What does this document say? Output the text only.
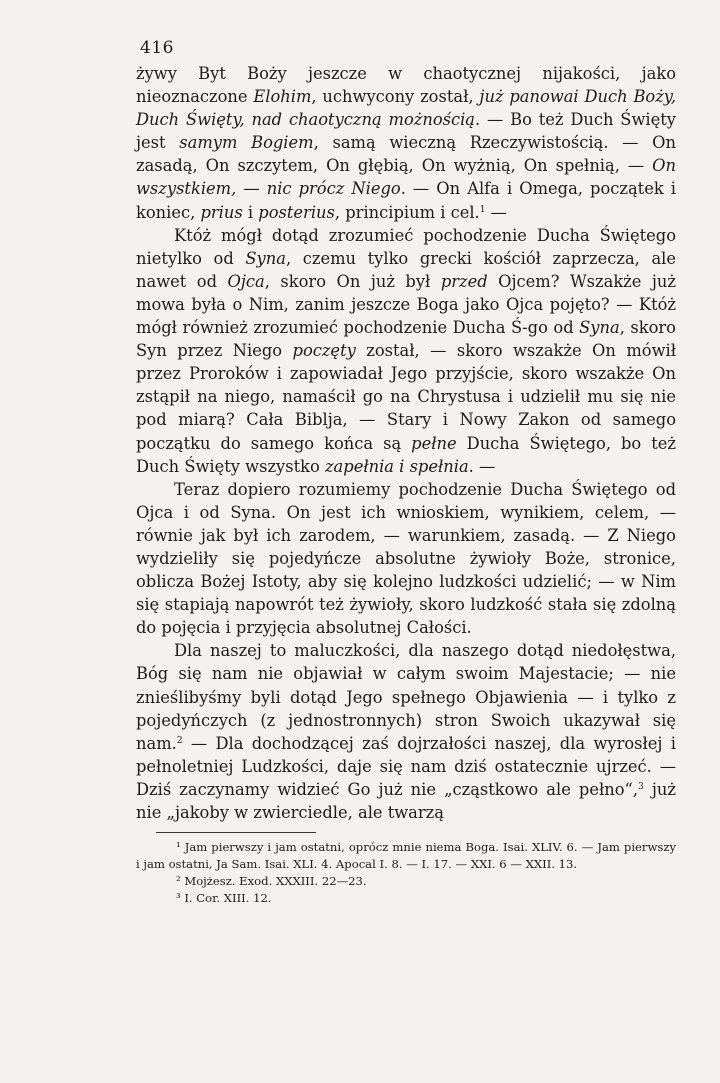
416

żywy Byt Boży jeszcze w chaotycznej nijakości, jako nieoznaczone Elohim, uchwycony został, już panowai Duch Boży, Duch Święty, nad chaotyczną możnością. — Bo też Duch Święty jest samym Bogiem, samą wieczną Rzeczywistością. — On zasadą, On szczytem, On głębią, On wyżnią, On spełnią, — On wszystkiem, — nic prócz Niego. — On Alfa i Omega, początek i koniec, prius i posterius, principium i cel.$^1$ —

Któż mógł dotąd zrozumieć pochodzenie Ducha Świętego nietylko od Syna, czemu tylko grecki kościół zaprzecza, ale nawet od Ojca, skoro On już był przed Ojcem? Wszakże już mowa była o Nim, zanim jeszcze Boga jako Ojca pojęto? — Któż mógł również zrozumieć pochodzenie Ducha Ś-go od Syna, skoro Syn przez Niego poczęty został, — skoro wszakże On mówił przez Proroków i zapowiadał Jego przyjście, skoro wszakże On zstąpił na niego, namaścił go na Chrystusa i udzielił mu się nie pod miarą? Cała Biblja, — Stary i Nowy Zakon od samego początku do samego końca są pełne Ducha Świętego, bo też Duch Święty wszystko zapełnia i spełnia. —

Teraz dopiero rozumiemy pochodzenie Ducha Świętego od Ojca i od Syna. On jest ich wnioskiem, wynikiem, celem, — równie jak był ich zarodem, — warunkiem, zasadą. — Z Niego wydzieliły się pojedyńcze absolutne żywioły Boże, stronice, oblicza Bożej Istoty, aby się kolejno ludzkości udzielić; — w Nim się stapiają napowrót też żywioły, skoro ludzkość stała się zdolną do pojęcia i przyjęcia absolutnej Całości.

Dla naszej to maluczkości, dla naszego dotąd niedołęstwa, Bóg się nam nie objawiał w całym swoim Majestacie; — nie znieślibyśmy byli dotąd Jego spełnego Objawienia — i tylko z pojedyńczych (z jednostronnych) stron Swoich ukazywał się nam.$^2$ — Dla dochodzącej zaś dojrzałości naszej, dla wyrosłej i pełnoletniej Ludzkości, daje się nam dziś ostatecznie ujrzeć. — Dziś zaczynamy widzieć Go już nie „cząstkowo ale pełno“,$^3$ już nie „jakoby w zwierciedle, ale twarzą

¹ Jam pierwszy i jam ostatni, oprócz mnie niema Boga. Isai. XLIV. 6. — Jam pierwszy i jam ostatni, Ja Sam. Isai. XLI. 4. Apocal I. 8. — I. 17. — XXI. 6 — XXII. 13.

² Mojżesz. Exod. XXXIII. 22—23.

³ I. Cor. XIII. 12.
